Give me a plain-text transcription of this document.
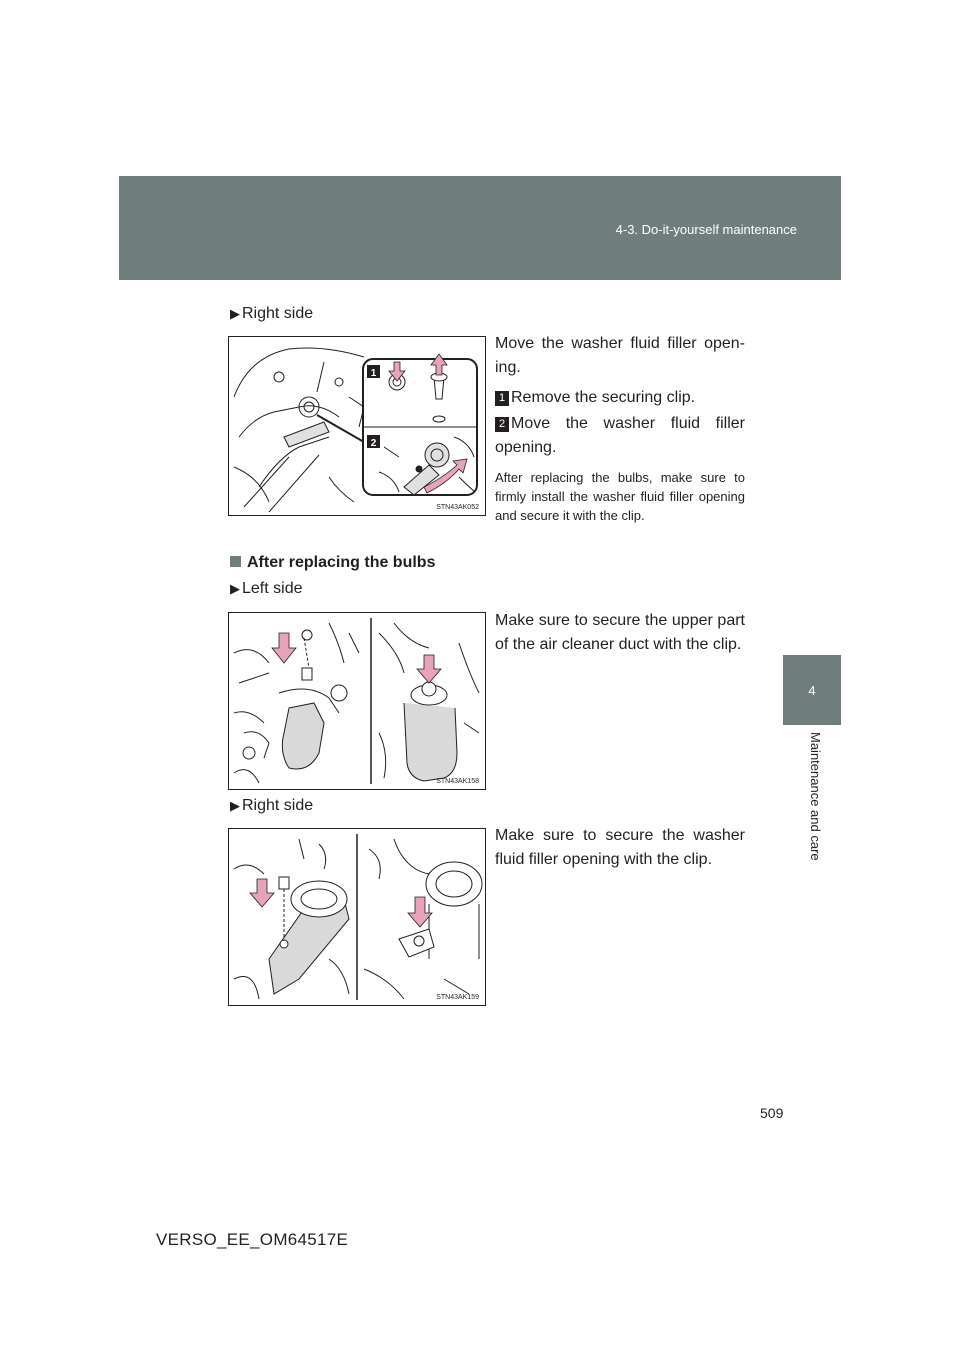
4-3. Do-it-yourself maintenance
4
Maintenance and care
▶ Right side
1
2
STN43AK052
Move the washer fluid filler open-ing.
1 Remove the securing clip.
2 Move the washer fluid filler opening.
After replacing the bulbs, make sure to firmly install the washer fluid filler opening and secure it with the clip.
After replacing the bulbs
▶ Left side
STN43AK158
Make sure to secure the upper part of the air cleaner duct with the clip.
▶ Right side
STN43AK159
Make sure to secure the washer fluid filler opening with the clip.
509
VERSO_EE_OM64517E
